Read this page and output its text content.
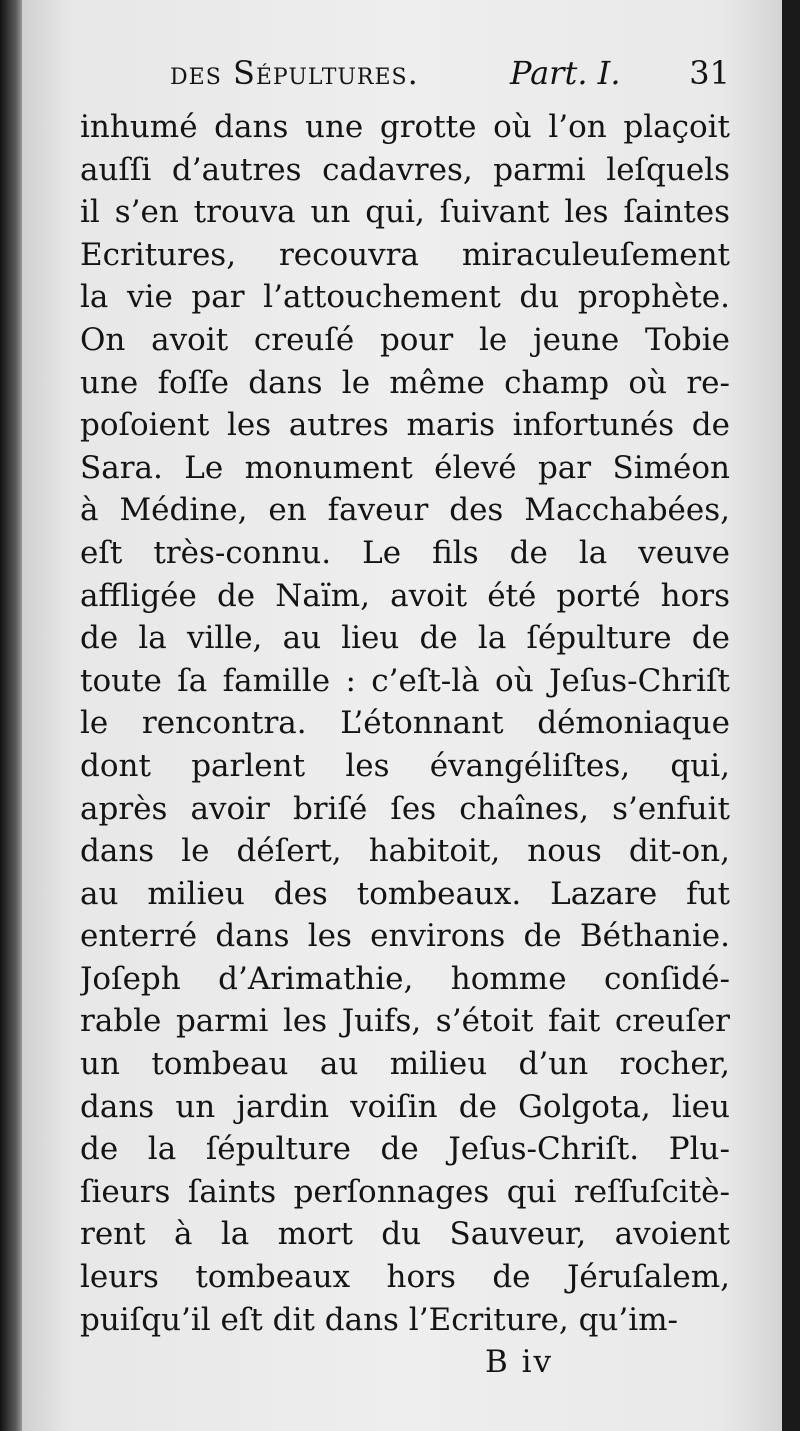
des Sépultures.	Part. I. 31
inhumé dans une grotte où l’on plaçoit
auſſi d’autres cadavres, parmi leſquels
il s’en trouva un qui, ſuivant les ſaintes
Ecritures, recouvra miraculeuſement
la vie par l’attouchement du prophète.
On avoit creuſé pour le jeune Tobie
une foſſe dans le même champ où re-
poſoient les autres maris infortunés de
Sara. Le monument élevé par Siméon
à Médine, en faveur des Macchabées,
eſt très-connu. Le fils de la veuve
affligée de Naïm, avoit été porté hors
de la ville, au lieu de la ſépulture de
toute ſa famille : c’eſt-là où Jeſus-Chriſt
le rencontra. L’étonnant démoniaque
dont parlent les évangéliſtes, qui,
après avoir briſé ſes chaînes, s’enfuit
dans le déſert, habitoit, nous dit-on,
au milieu des tombeaux. Lazare fut
enterré dans les environs de Béthanie.
Joſeph d’Arimathie, homme conſidé-
rable parmi les Juifs, s’étoit fait creuſer
un tombeau au milieu d’un rocher,
dans un jardin voiſin de Golgota, lieu
de la ſépulture de Jeſus-Chriſt. Plu-
ſieurs ſaints perſonnages qui reſſuſcitè-
rent à la mort du Sauveur, avoient
leurs tombeaux hors de Jéruſalem,
puiſqu’il eſt dit dans l’Ecriture, qu’im-
B iv
